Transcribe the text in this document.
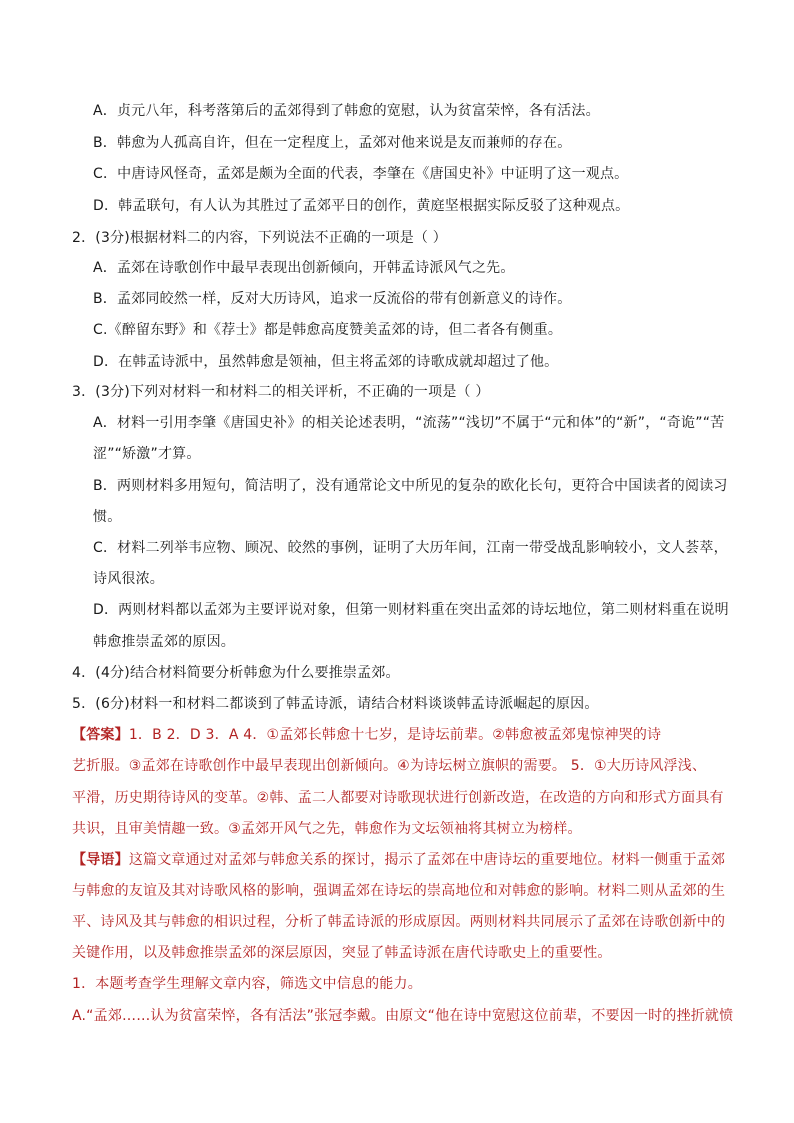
A．贞元八年，科考落第后的孟郊得到了韩愈的宽慰，认为贫富荣悴，各有活法。
B．韩愈为人孤高自许，但在一定程度上，孟郊对他来说是友而兼师的存在。
C．中唐诗风怪奇，孟郊是颇为全面的代表，李肇在《唐国史补》中证明了这一观点。
D．韩孟联句，有人认为其胜过了孟郊平日的创作，黄庭坚根据实际反驳了这种观点。
2．(3分)根据材料二的内容，下列说法不正确的一项是（ ）
A．孟郊在诗歌创作中最早表现出创新倾向，开韩孟诗派风气之先。
B．孟郊同皎然一样，反对大历诗风，追求一反流俗的带有创新意义的诗作。
C.《醉留东野》和《荐士》都是韩愈高度赞美孟郊的诗，但二者各有侧重。
D．在韩孟诗派中，虽然韩愈是领袖，但主将孟郊的诗歌成就却超过了他。
3．(3分)下列对材料一和材料二的相关评析，不正确的一项是（ ）
A．材料一引用李肇《唐国史补》的相关论述表明，“流荡”“浅切”不属于“元和体”的“新”，“奇诡”“苦
涩”“矫激”才算。
B．两则材料多用短句，简洁明了，没有通常论文中所见的复杂的欧化长句，更符合中国读者的阅读习
惯。
C．材料二列举韦应物、顾况、皎然的事例，证明了大历年间，江南一带受战乱影响较小，文人荟萃，
诗风很浓。
D．两则材料都以孟郊为主要评说对象，但第一则材料重在突出孟郊的诗坛地位，第二则材料重在说明
韩愈推崇孟郊的原因。
4．(4分)结合材料简要分析韩愈为什么要推崇孟郊。
5．(6分)材料一和材料二都谈到了韩孟诗派，请结合材料谈谈韩孟诗派崛起的原因。
【答案】1．B 2．D 3．A 4．①孟郊长韩愈十七岁，是诗坛前辈。②韩愈被孟郊鬼惊神哭的诗
艺折服。③孟郊在诗歌创作中最早表现出创新倾向。④为诗坛树立旗帜的需要。 5．①大历诗风浮浅、
平滑，历史期待诗风的变革。②韩、孟二人都要对诗歌现状进行创新改造，在改造的方向和形式方面具有
共识，且审美情趣一致。③孟郊开风气之先，韩愈作为文坛领袖将其树立为榜样。
【导语】这篇文章通过对孟郊与韩愈关系的探讨，揭示了孟郊在中唐诗坛的重要地位。材料一侧重于孟郊
与韩愈的友谊及其对诗歌风格的影响，强调孟郊在诗坛的崇高地位和对韩愈的影响。材料二则从孟郊的生
平、诗风及其与韩愈的相识过程，分析了韩孟诗派的形成原因。两则材料共同展示了孟郊在诗歌创新中的
关键作用，以及韩愈推崇孟郊的深层原因，突显了韩孟诗派在唐代诗歌史上的重要性。
1．本题考查学生理解文章内容，筛选文中信息的能力。
A.“孟郊……认为贫富荣悴，各有活法”张冠李戴。由原文“他在诗中宽慰这位前辈，不要因一时的挫折就愤
